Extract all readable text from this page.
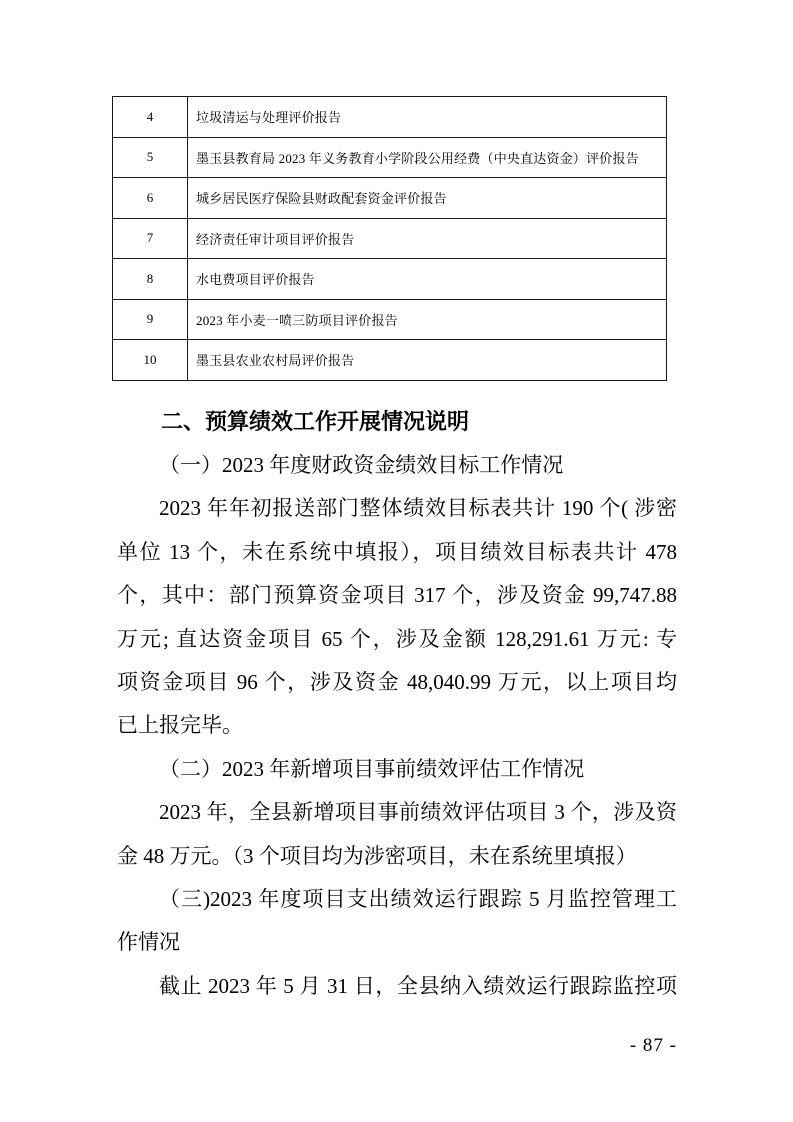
4	垃圾清运与处理评价报告
5	墨玉县教育局 2023 年义务教育小学阶段公用经费（中央直达资金）评价报告
6	城乡居民医疗保险县财政配套资金评价报告
7	经济责任审计项目评价报告
8	水电费项目评价报告
9	2023 年小麦一喷三防项目评价报告
10	墨玉县农业农村局评价报告
二、预算绩效工作开展情况说明
（一）2023 年度财政资金绩效目标工作情况
2023 年年初报送部门整体绩效目标表共计 190 个( 涉密
单位 13 个，未在系统中填报），项目绩效目标表共计 478
个，其中：部门预算资金项目 317 个，涉及资金 99,747.88
万元; 直达资金项目 65 个，涉及金额 128,291.61 万元: 专
项资金项目 96 个，涉及资金 48,040.99 万元，以上项目均
已上报完毕。
（二）2023 年新增项目事前绩效评估工作情况
2023 年，全县新增项目事前绩效评估项目 3 个，涉及资
金 48 万元。（3 个项目均为涉密项目，未在系统里填报）
（三)2023 年度项目支出绩效运行跟踪 5 月监控管理工
作情况
截止 2023 年 5 月 31 日，全县纳入绩效运行跟踪监控项
- 87 -
